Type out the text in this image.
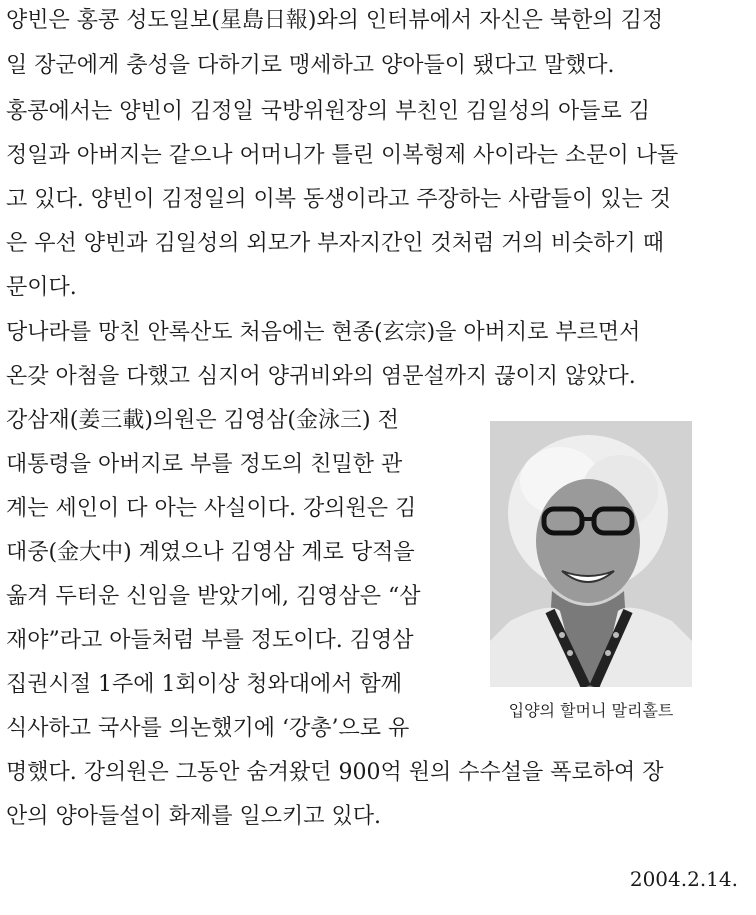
양빈은 홍콩 성도일보(星島日報)와의 인터뷰에서 자신은 북한의 김정
일 장군에게 충성을 다하기로 맹세하고 양아들이 됐다고 말했다.
홍콩에서는 양빈이 김정일 국방위원장의 부친인 김일성의 아들로 김
정일과 아버지는 같으나 어머니가 틀린 이복형제 사이라는 소문이 나돌
고 있다. 양빈이 김정일의 이복 동생이라고 주장하는 사람들이 있는 것
은 우선 양빈과 김일성의 외모가 부자지간인 것처럼 거의 비슷하기 때
문이다.
당나라를 망친 안록산도 처음에는 현종(玄宗)을 아버지로 부르면서
온갖 아첨을 다했고 심지어 양귀비와의 염문설까지 끊이지 않았다.
강삼재(姜三載)의원은 김영삼(金泳三) 전
대통령을 아버지로 부를 정도의 친밀한 관
계는 세인이 다 아는 사실이다. 강의원은 김
대중(金大中) 계였으나 김영삼 계로 당적을
옮겨 두터운 신임을 받았기에, 김영삼은 “삼
재야”라고 아들처럼 부를 정도이다. 김영삼
집권시절 1주에 1회이상 청와대에서 함께
식사하고 국사를 의논했기에 ‘강총’으로 유
명했다. 강의원은 그동안 숨겨왔던 900억 원의 수수설을 폭로하여 장
안의 양아들설이 화제를 일으키고 있다.
입양의 할머니 말리홀트
2004.2.14.
